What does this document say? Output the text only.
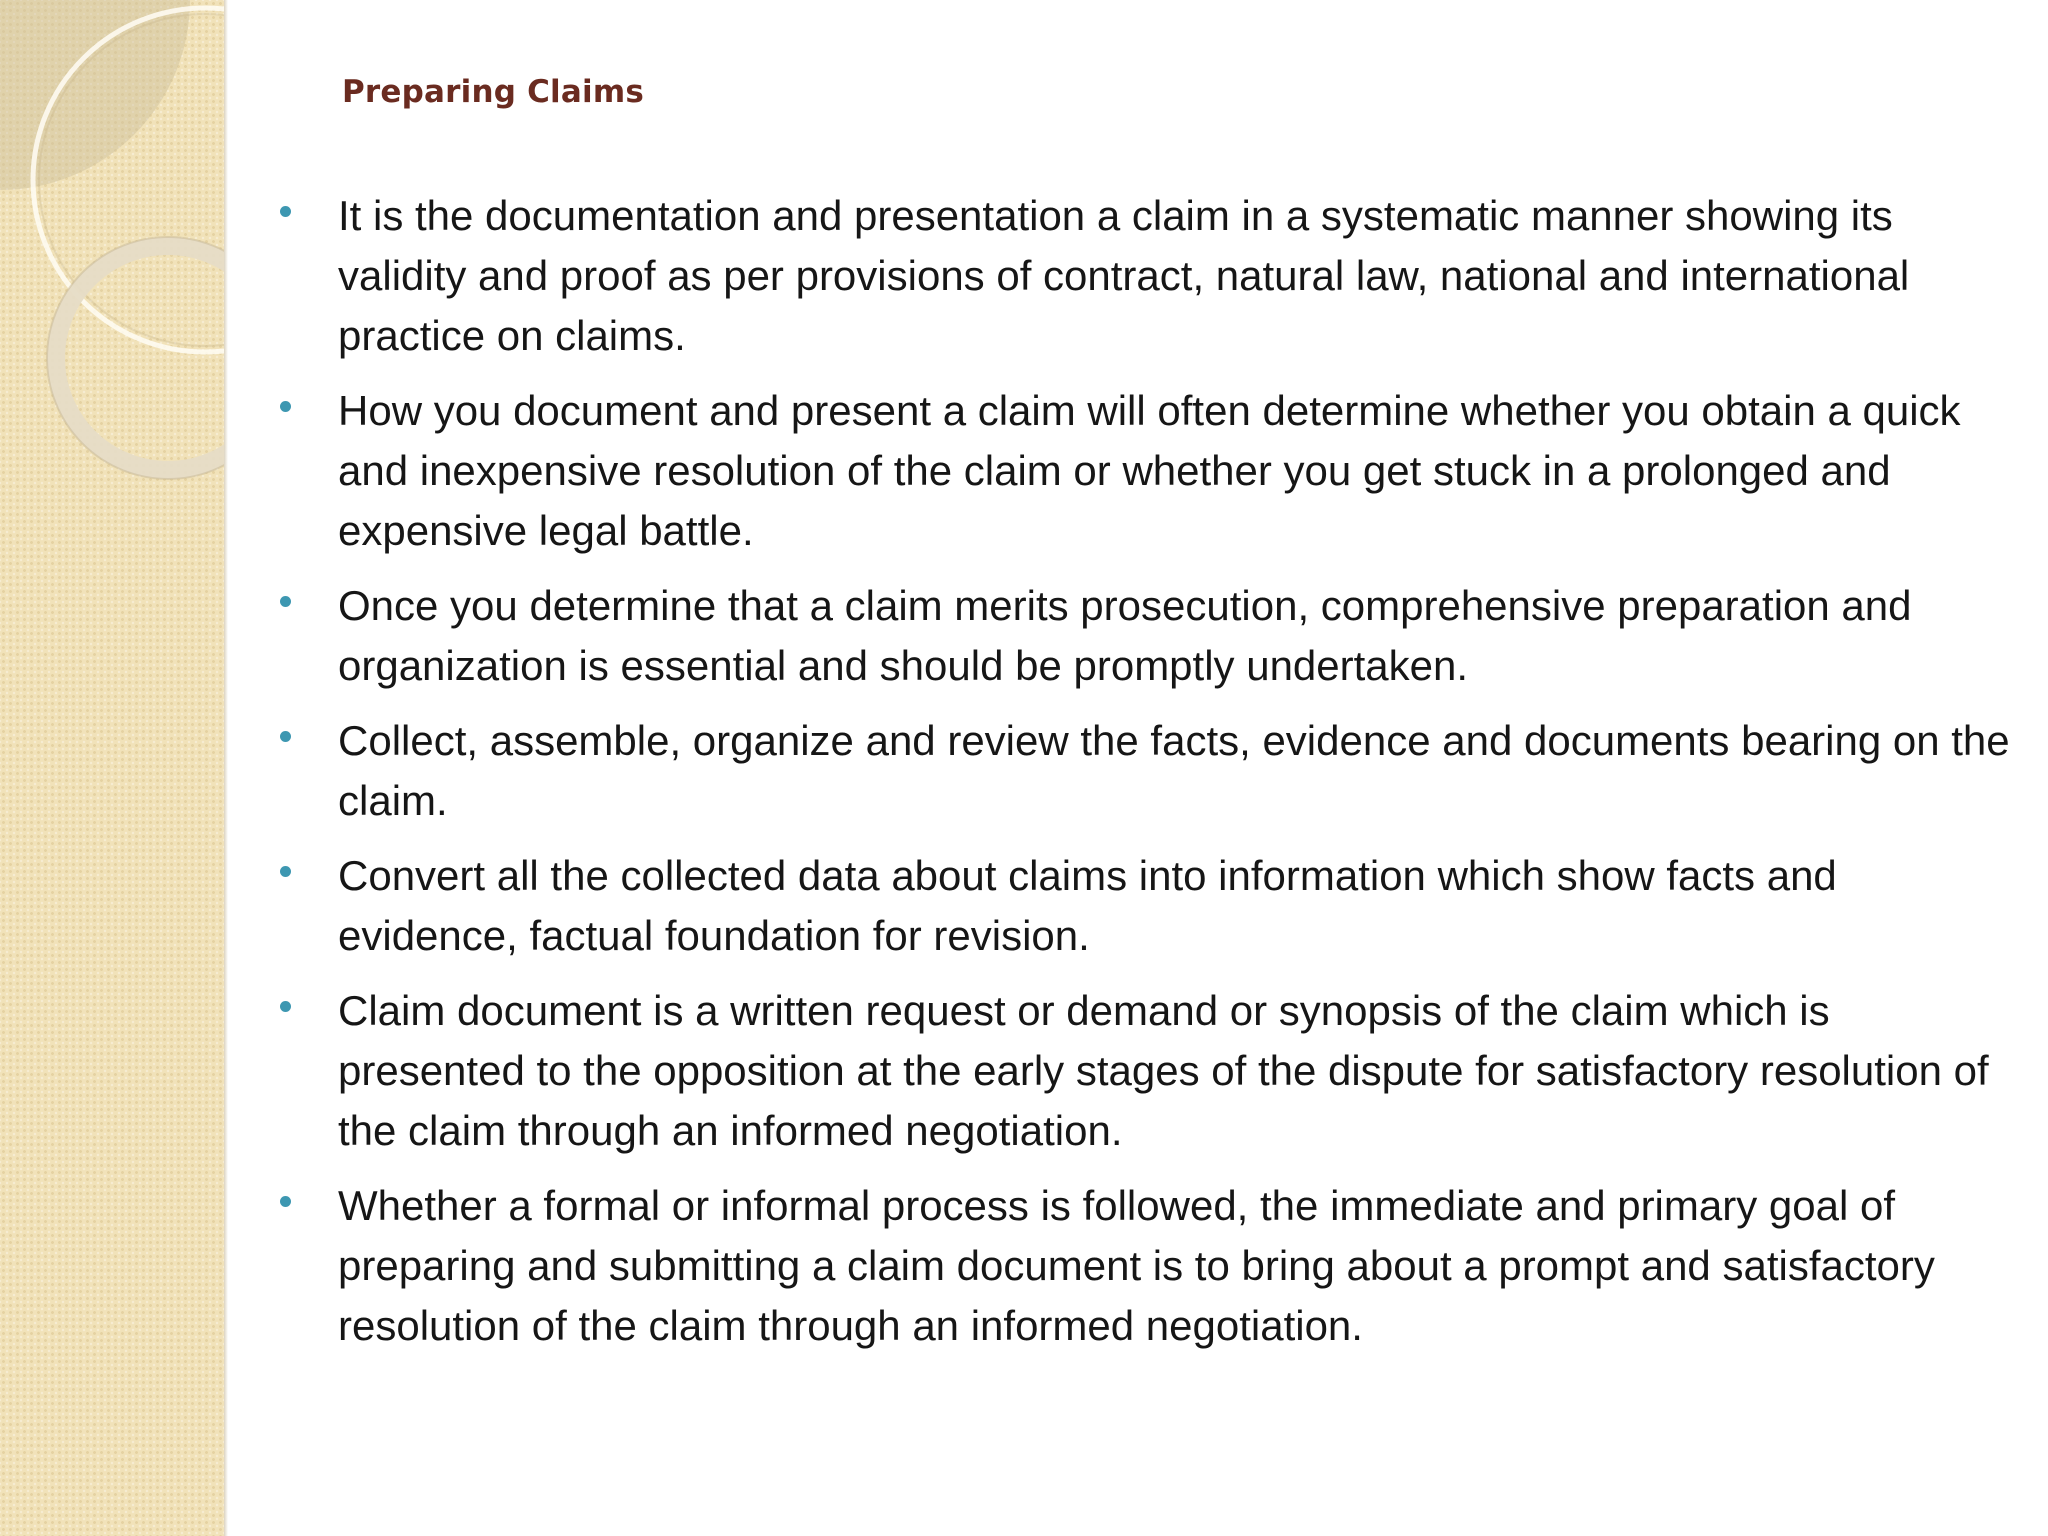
Preparing Claims
It is the documentation and presentation a claim in a systematic manner showing its validity and proof as per provisions of contract, natural law, national and international practice on claims.
How you document and present a claim will often determine whether you obtain a quick and inexpensive resolution of the claim or whether you get stuck in a prolonged and expensive legal battle.
Once you determine that a claim merits prosecution, comprehensive preparation and organization is essential and should be promptly undertaken.
Collect, assemble, organize and review the facts, evidence and documents bearing on the claim.
Convert all the collected data about claims into information which show facts and evidence, factual foundation for revision.
Claim document is a written request or demand or synopsis of the claim which is presented to the opposition at the early stages of the dispute for satisfactory resolution of the claim through an informed negotiation.
Whether a formal or informal process is followed, the immediate and primary goal of preparing and submitting a claim document is to bring about a prompt and satisfactory resolution of the claim through an informed negotiation.
